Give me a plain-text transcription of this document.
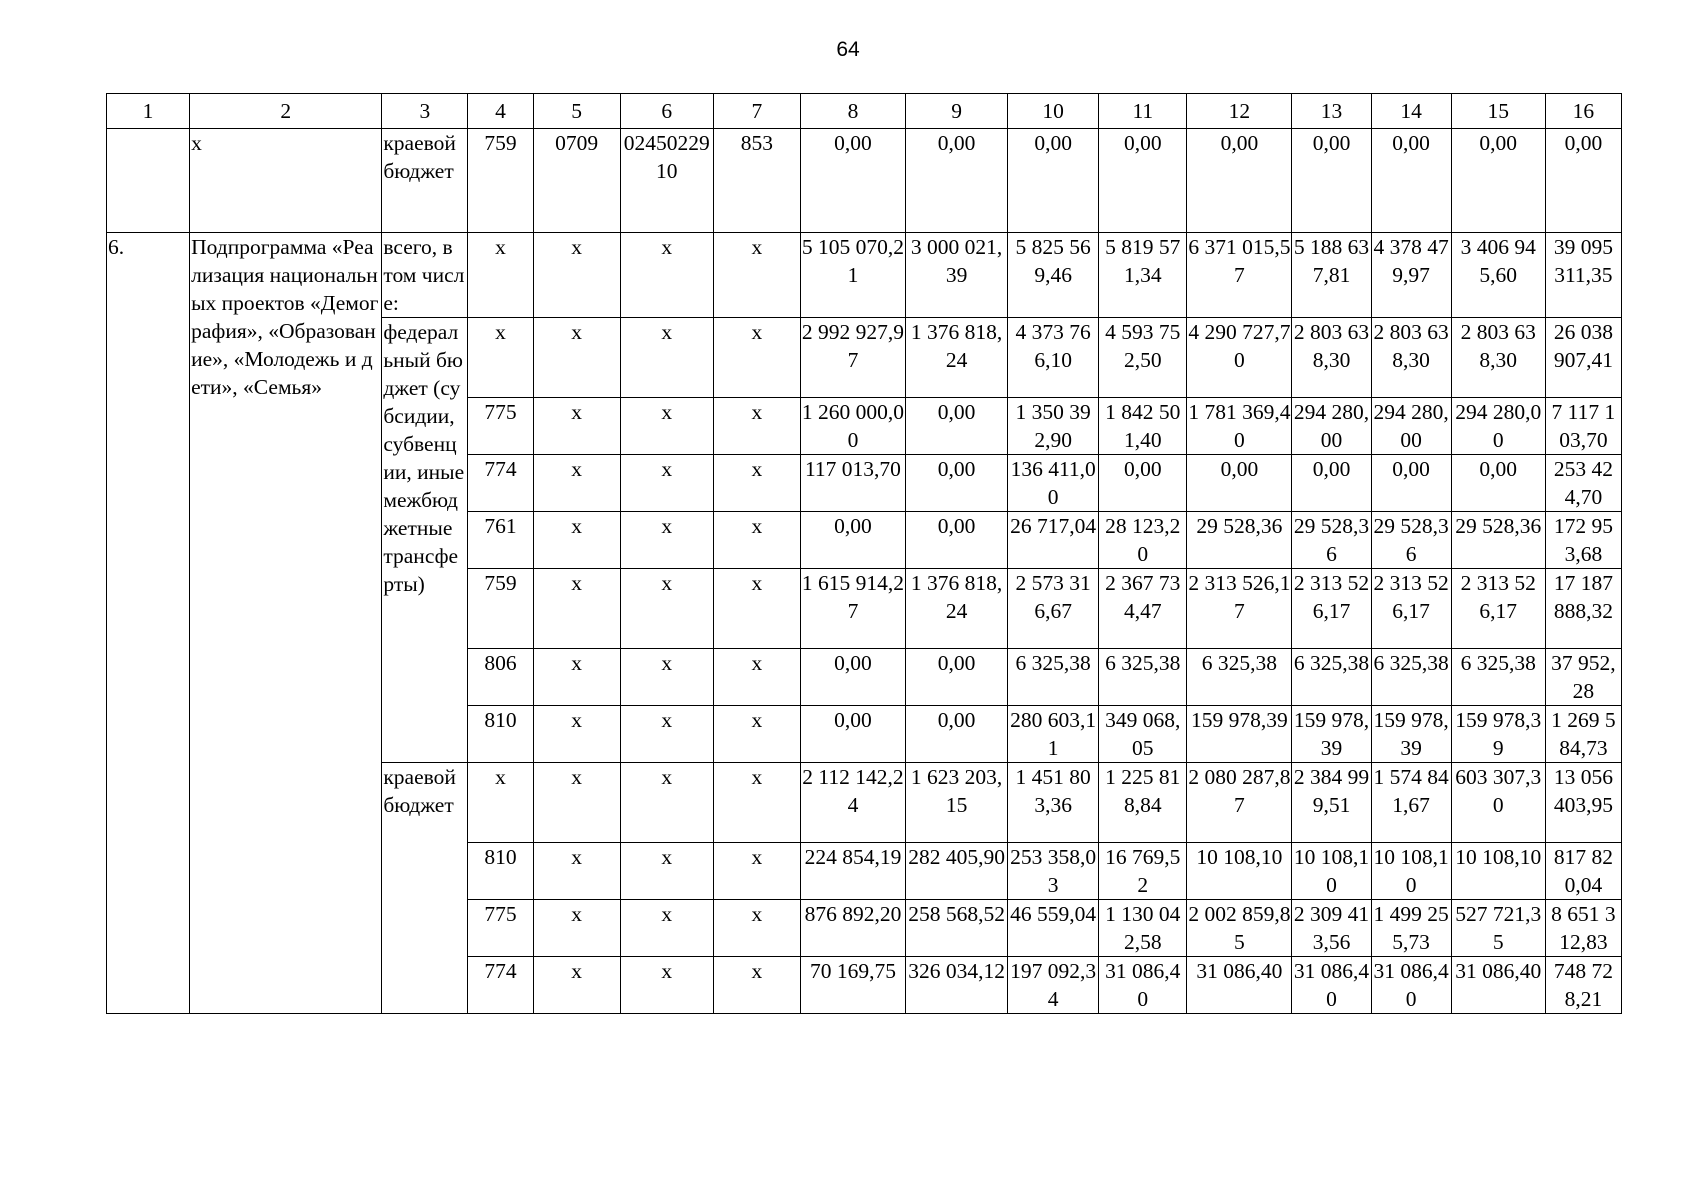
64
1	2	3	4	5	6	7	8	9	10	11	12	13	14	15	16
	х	краевой бюджет	759	0709	0245022910	853	0,00	0,00	0,00	0,00	0,00	0,00	0,00	0,00	0,00
6.	Подпрограмма «Реализация национальных проектов «Демография», «Образование», «Молодежь и дети», «Семья»	всего, в том числе:	х	х	х	х	5 105 070,21	3 000 021,39	5 825 569,46	5 819 571,34	6 371 015,57	5 188 637,81	4 378 479,97	3 406 945,60	39 095 311,35
		федеральный бюджет (субсидии, субвенции, иные межбюджетные трансферты)	х	х	х	х	2 992 927,97	1 376 818,24	4 373 766,10	4 593 752,50	4 290 727,70	2 803 638,30	2 803 638,30	2 803 638,30	26 038 907,41
			775	х	х	х	1 260 000,00	0,00	1 350 392,90	1 842 501,40	1 781 369,40	294 280,00	294 280,00	294 280,00	7 117 103,70
			774	х	х	х	117 013,70	0,00	136 411,00	0,00	0,00	0,00	0,00	0,00	253 424,70
			761	х	х	х	0,00	0,00	26 717,04	28 123,20	29 528,36	29 528,36	29 528,36	29 528,36	172 953,68
			759	х	х	х	1 615 914,27	1 376 818,24	2 573 316,67	2 367 734,47	2 313 526,17	2 313 526,17	2 313 526,17	2 313 526,17	17 187 888,32
			806	х	х	х	0,00	0,00	6 325,38	6 325,38	6 325,38	6 325,38	6 325,38	6 325,38	37 952,28
			810	х	х	х	0,00	0,00	280 603,11	349 068,05	159 978,39	159 978,39	159 978,39	159 978,39	1 269 584,73
		краевой бюджет	х	х	х	х	2 112 142,24	1 623 203,15	1 451 803,36	1 225 818,84	2 080 287,87	2 384 999,51	1 574 841,67	603 307,30	13 056 403,95
			810	х	х	х	224 854,19	282 405,90	253 358,03	16 769,52	10 108,10	10 108,10	10 108,10	10 108,10	817 820,04
			775	х	х	х	876 892,20	258 568,52	46 559,04	1 130 042,58	2 002 859,85	2 309 413,56	1 499 255,73	527 721,35	8 651 312,83
			774	х	х	х	70 169,75	326 034,12	197 092,34	31 086,40	31 086,40	31 086,40	31 086,40	31 086,40	748 728,21
